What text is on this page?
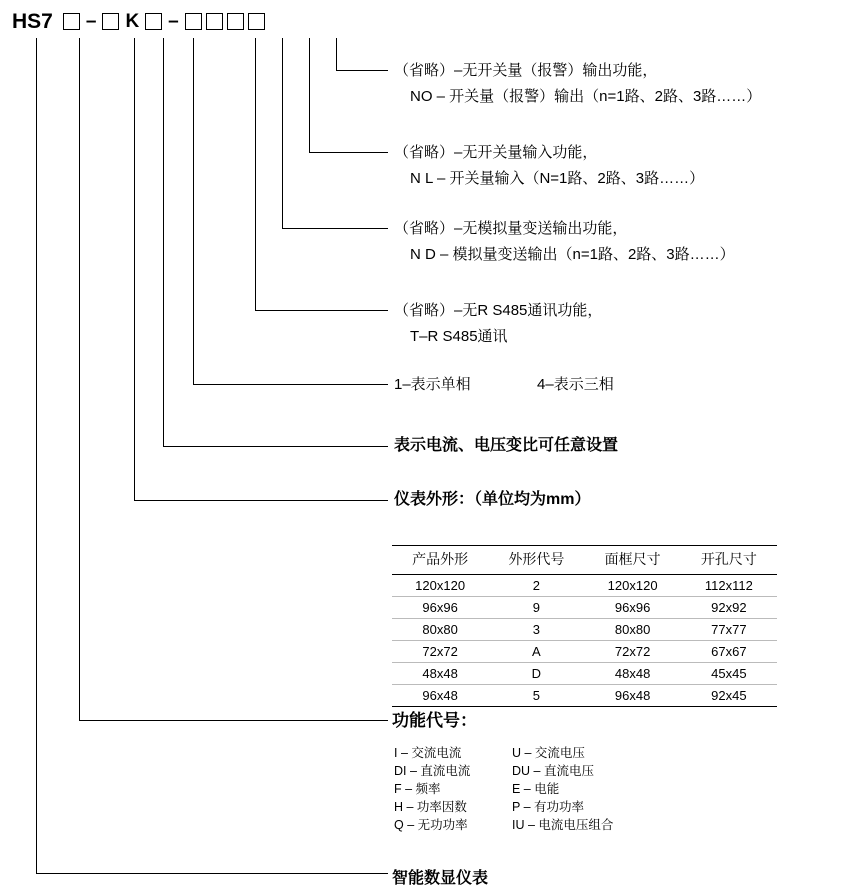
HS7 – K –
（省略）–无开关量（报警）输出功能，
NO – 开关量（报警）输出（n=1路、2路、3路……）
（省略）–无开关量输入功能，
N L – 开关量输入（N=1路、2路、3路……）
（省略）–无模拟量变送输出功能，
N D – 模拟量变送输出（n=1路、2路、3路……）
（省略）–无R S485通讯功能，
T–R S485通讯
1–表示单相	4–表示三相
表示电流、电压变比可任意设置
仪表外形：（单位均为mm）
产品外形	外形代号	面框尺寸	开孔尺寸
120x120	2	120x120	112x112
96x96	9	96x96	92x92
80x80	3	80x80	77x77
72x72	A	72x72	67x67
48x48	D	48x48	45x45
96x48	5	96x48	92x45
功能代号：
I – 交流电流	U – 交流电压
DI – 直流电流	DU – 直流电压
F – 频率	E – 电能
H – 功率因数	P – 有功功率
Q – 无功功率	IU – 电流电压组合
智能数显仪表
